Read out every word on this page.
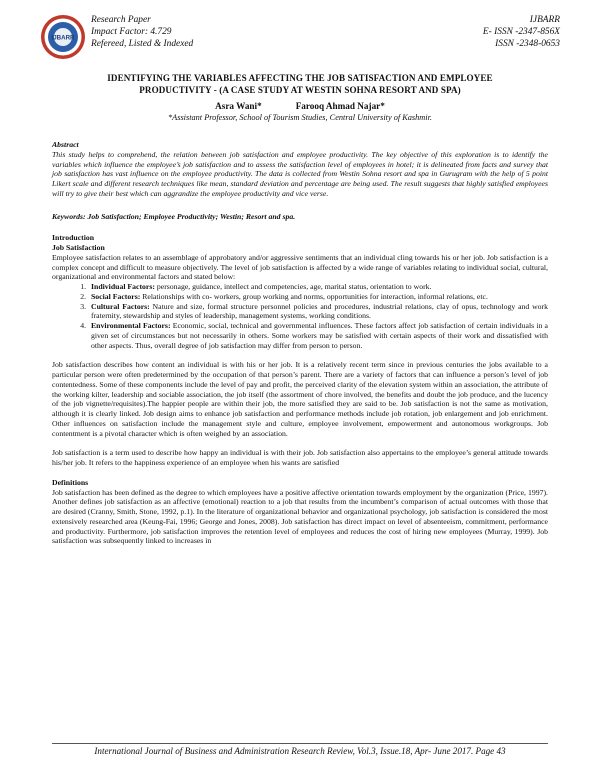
IJBARR
Research Paper
Impact Factor: 4.729
Refereed, Listed & Indexed
IJBARR
E- ISSN -2347-856X
ISSN -2348-0653
IDENTIFYING THE VARIABLES AFFECTING THE JOB SATISFACTION AND EMPLOYEE
PRODUCTIVITY - (A CASE STUDY AT WESTIN SOHNA RESORT AND SPA)
Asra Wani*	Farooq Ahmad Najar*
*Assistant Professor, School of Tourism Studies, Central University of Kashmir.

Abstract

This study helps to comprehend, the relation between job satisfaction and employee productivity. The key objective of this exploration is to identify the variables which influence the employee’s job satisfaction and to assess the satisfaction level of employees in hotel; it is delineated from facts and survey that job satisfaction has vast influence on the employee productivity. The data is collected from Westin Sohna resort and spa in Gurugram with the help of 5 point Likert scale and different research techniques like mean, standard deviation and percentage are being used. The result suggests that highly satisfied employees will try to give their best which can aggrandize the employee productivity and vice verse.

Keywords: Job Satisfaction; Employee Productivity; Westin; Resort and spa.

Introduction

Job Satisfaction

Employee satisfaction relates to an assemblage of approbatory and/or aggressive sentiments that an individual cling towards his or her job. Job satisfaction is a complex concept and difficult to measure objectively. The level of job satisfaction is affected by a wide range of variables relating to individual social, cultural, organizational and environmental factors and stated below:

1. Individual Factors: personage, guidance, intellect and competencies, age, marital status, orientation to work.
2. Social Factors: Relationships with co- workers, group working and norms, opportunities for interaction, informal relations, etc.
3. Cultural Factors: Nature and size, formal structure personnel policies and procedures, industrial relations, clay of opus, technology and work fraternity, stewardship and styles of leadership, management systems, working conditions.
4. Environmental Factors: Economic, social, technical and governmental influences. These factors affect job satisfaction of certain individuals in a given set of circumstances but not necessarily in others. Some workers may be satisfied with certain aspects of their work and dissatisfied with other aspects. Thus, overall degree of job satisfaction may differ from person to person.

Job satisfaction describes how content an individual is with his or her job. It is a relatively recent term since in previous centuries the jobs available to a particular person were often predetermined by the occupation of that person’s parent. There are a variety of factors that can influence a person’s level of job contentedness. Some of these components include the level of pay and profit, the perceived clarity of the elevation system within an association, the attribute of the working kilter, leadership and sociable association, the job itself (the assortment of chore involved, the benefits and doubt the job produce, and the lucency of the job vignette/requisites).The happier people are within their job, the more satisfied they are said to be. Job satisfaction is not the same as motivation, although it is clearly linked. Job design aims to enhance job satisfaction and performance methods include job rotation, job enlargement and job enrichment. Other influences on satisfaction include the management style and culture, employee involvement, empowerment and autonomous workgroups. Job contentment is a pivotal character which is often weighed by an association.

Job satisfaction is a term used to describe how happy an individual is with their job. Job satisfaction also appertains to the employee’s general attitude towards his/her job. It refers to the happiness experience of an employee when his wants are satisfied

Definitions

Job satisfaction has been defined as the degree to which employees have a positive affective orientation towards employment by the organization (Price, 1997). Another defines job satisfaction as an affective (emotional) reaction to a job that results from the incumbent’s comparison of actual outcomes with those that are desired (Cranny, Smith, Stone, 1992, p.1). In the literature of organizational behavior and organizational psychology, job satisfaction is considered the most extensively researched area (Keung-Fai, 1996; George and Jones, 2008). Job satisfaction has direct impact on level of absenteeism, commitment, performance and productivity. Furthermore, job satisfaction improves the retention level of employees and reduces the cost of hiring new employees (Murray, 1999). Job satisfaction was subsequently linked to increases in

International Journal of Business and Administration Research Review, Vol.3, Issue.18, Apr- June 2017. Page 43
